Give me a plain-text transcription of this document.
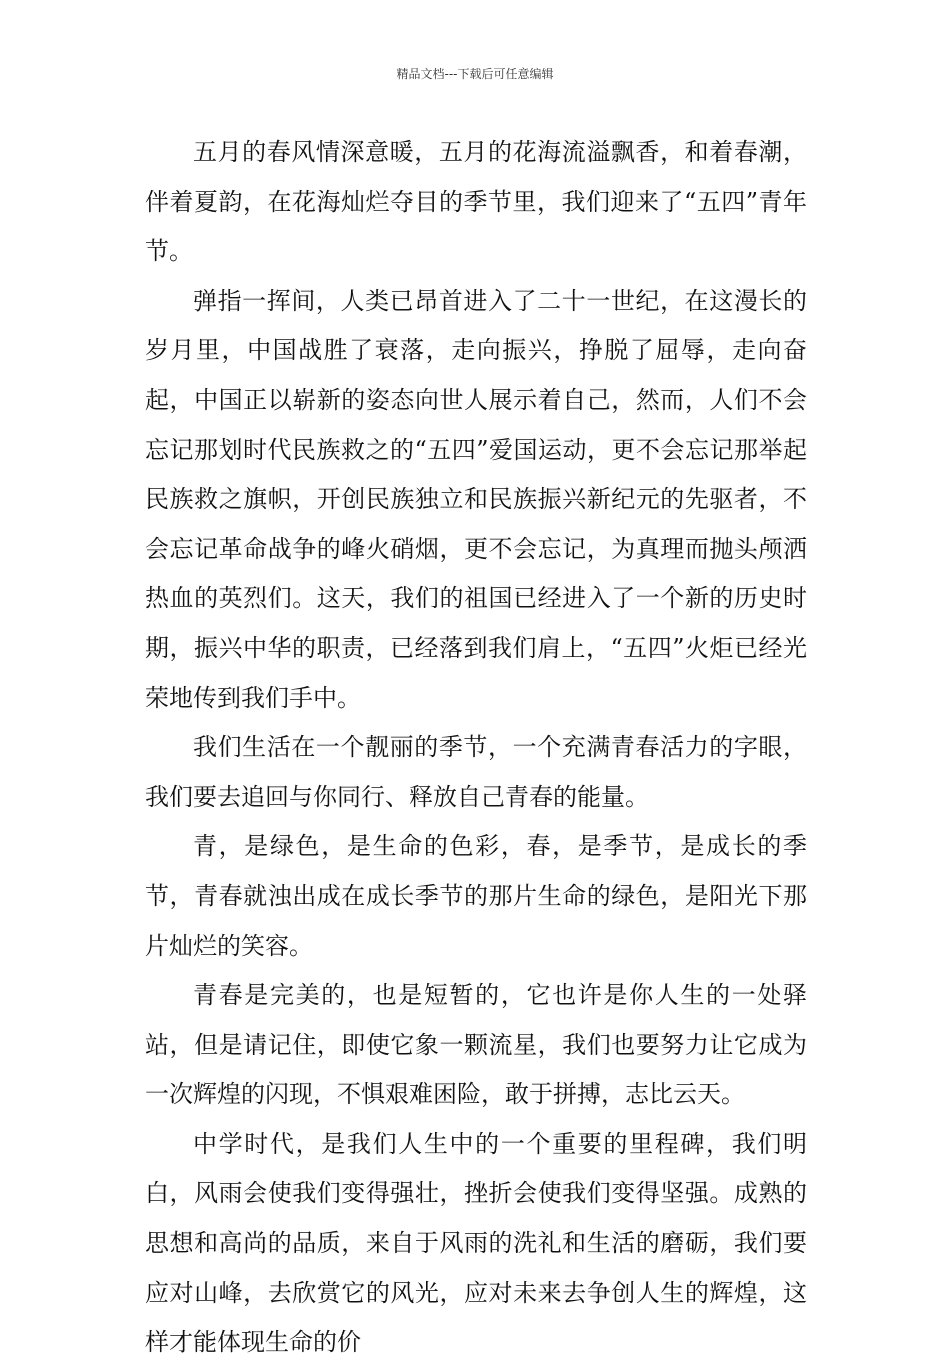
精品文档---下载后可任意编辑

五月的春风情深意暖，五月的花海流溢飘香，和着春潮，伴着夏韵，在花海灿烂夺目的季节里，我们迎来了“五四”青年节。

弹指一挥间，人类已昂首进入了二十一世纪，在这漫长的岁月里，中国战胜了衰落，走向振兴，挣脱了屈辱，走向奋起，中国正以崭新的姿态向世人展示着自己，然而，人们不会忘记那划时代民族救之的“五四”爱国运动，更不会忘记那举起民族救之旗帜，开创民族独立和民族振兴新纪元的先驱者，不会忘记革命战争的峰火硝烟，更不会忘记，为真理而抛头颅洒热血的英烈们。这天，我们的祖国已经进入了一个新的历史时期，振兴中华的职责，已经落到我们肩上，“五四”火炬已经光荣地传到我们手中。

我们生活在一个靓丽的季节，一个充满青春活力的字眼，我们要去追回与你同行、释放自己青春的能量。

青，是绿色，是生命的色彩，春，是季节，是成长的季节，青春就浊出成在成长季节的那片生命的绿色，是阳光下那片灿烂的笑容。

青春是完美的，也是短暂的，它也许是你人生的一处驿站，但是请记住，即使它象一颗流星，我们也要努力让它成为一次辉煌的闪现，不惧艰难困险，敢于拼搏，志比云天。

中学时代，是我们人生中的一个重要的里程碑，我们明白，风雨会使我们变得强壮，挫折会使我们变得坚强。成熟的思想和高尚的品质，来自于风雨的洗礼和生活的磨砺，我们要应对山峰，去欣赏它的风光，应对未来去争创人生的辉煌，这样才能体现生命的价
